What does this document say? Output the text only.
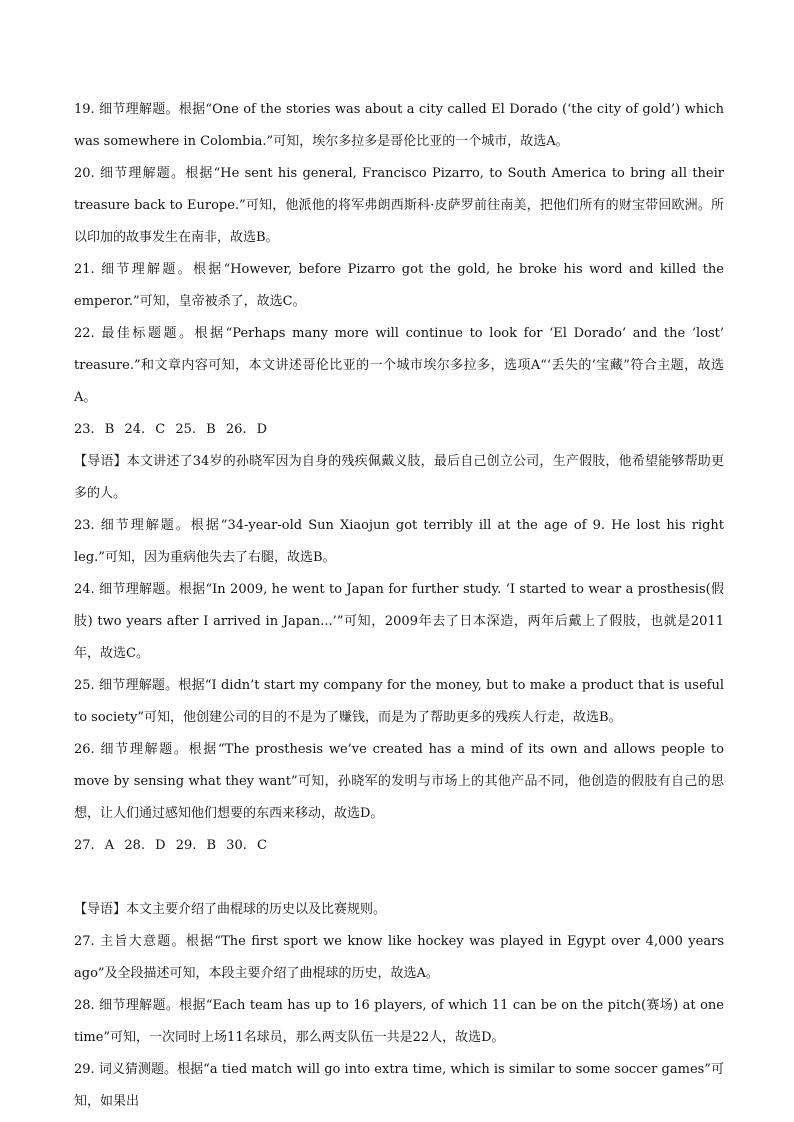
19. 细节理解题。根据“One of the stories was about a city called El Dorado (‘the city of gold’) which was somewhere in Colombia.”可知，埃尔多拉多是哥伦比亚的一个城市，故选A。

20. 细节理解题。根据“He sent his general, Francisco Pizarro, to South America to bring all their treasure back to Europe.”可知，他派他的将军弗朗西斯科·皮萨罗前往南美，把他们所有的财宝带回欧洲。所以印加的故事发生在南非，故选B。

21. 细节理解题。根据“However, before Pizarro got the gold, he broke his word and killed the emperor.”可知，皇帝被杀了，故选C。

22. 最佳标题题。根据“Perhaps many more will continue to look for ‘El Dorado’ and the ‘lost’ treasure.”和文章内容可知，本文讲述哥伦比亚的一个城市埃尔多拉多，选项A“‘丢失的’宝藏”符合主题，故选A。

23. B 24. C 25. B 26. D

【导语】本文讲述了34岁的孙晓军因为自身的残疾佩戴义肢，最后自己创立公司，生产假肢，他希望能够帮助更多的人。

23. 细节理解题。根据“34-year-old Sun Xiaojun got terribly ill at the age of 9. He lost his right leg.”可知，因为重病他失去了右腿，故选B。

24. 细节理解题。根据“In 2009, he went to Japan for further study. ‘I started to wear a prosthesis(假肢) two years after I arrived in Japan...’”可知，2009年去了日本深造，两年后戴上了假肢，也就是2011年，故选C。

25. 细节理解题。根据“I didn’t start my company for the money, but to make a product that is useful to society”可知，他创建公司的目的不是为了赚钱，而是为了帮助更多的残疾人行走，故选B。

26. 细节理解题。根据“The prosthesis we’ve created has a mind of its own and allows people to move by sensing what they want”可知，孙晓军的发明与市场上的其他产品不同，他创造的假肢有自己的思想，让人们通过感知他们想要的东西来移动，故选D。

27. A 28. D 29. B 30. C

【导语】本文主要介绍了曲棍球的历史以及比赛规则。

27. 主旨大意题。根据“The first sport we know like hockey was played in Egypt over 4,000 years ago”及全段描述可知，本段主要介绍了曲棍球的历史，故选A。

28. 细节理解题。根据“Each team has up to 16 players, of which 11 can be on the pitch(赛场) at one time”可知，一次同时上场11名球员，那么两支队伍一共是22人，故选D。

29. 词义猜测题。根据“a tied match will go into extra time, which is similar to some soccer games”可知，如果出
